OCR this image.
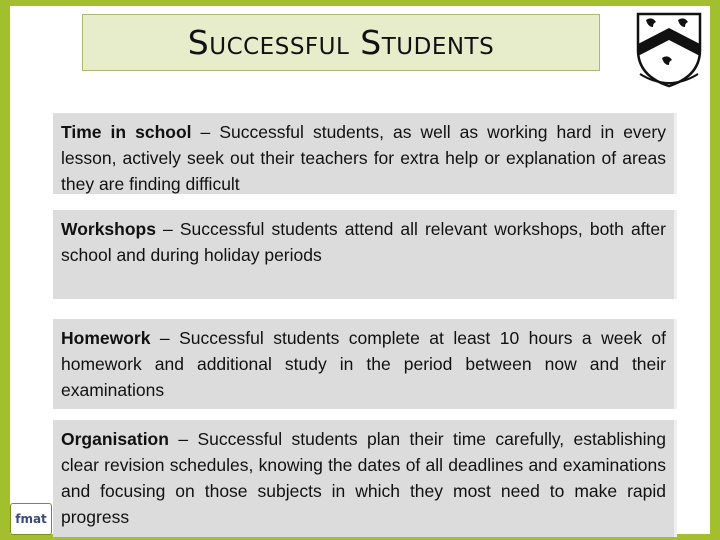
Successful Students
Time in school – Successful students, as well as working hard in every lesson, actively seek out their teachers for extra help or explanation of areas they are finding difficult
Workshops – Successful students attend all relevant workshops, both after school and during holiday periods
Homework – Successful students complete at least 10 hours a week of homework and additional study in the period between now and their examinations
Organisation – Successful students plan their time carefully, establishing clear revision schedules, knowing the dates of all deadlines and examinations and focusing on those subjects in which they most need to make rapid progress
fmat
